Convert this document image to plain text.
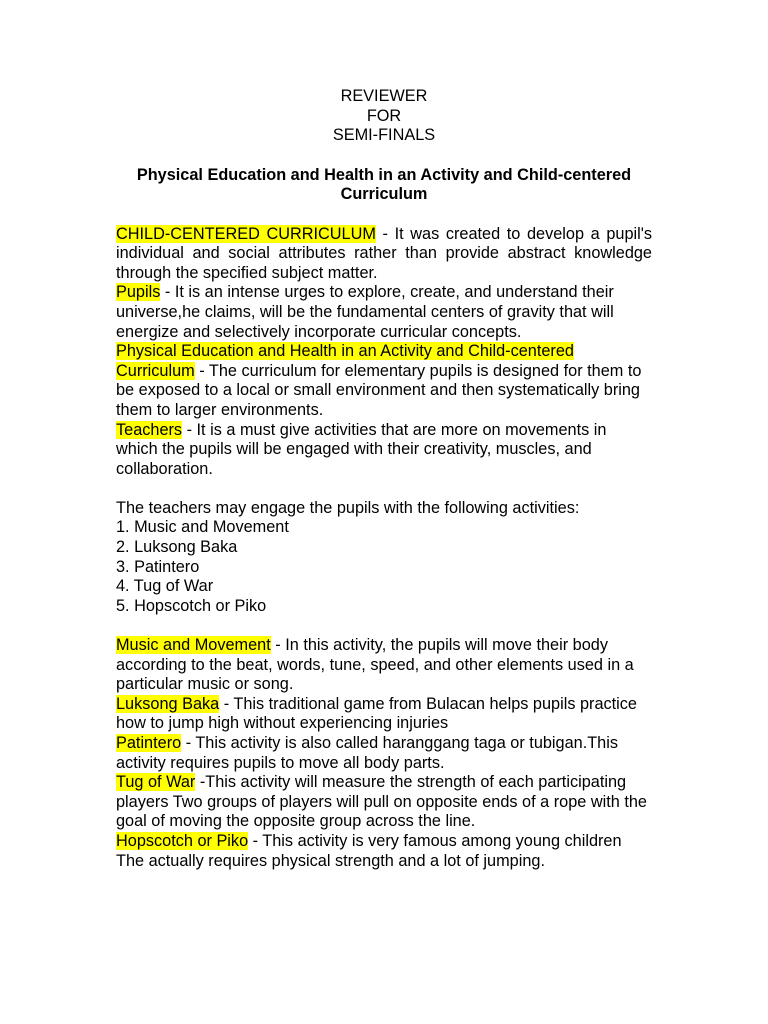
REVIEWER
FOR
SEMI-FINALS
Physical Education and Health in an Activity and Child-centered Curriculum

CHILD-CENTERED CURRICULUM - It was created to develop a pupil's individual and social attributes rather than provide abstract knowledge through the specified subject matter.

Pupils - It is an intense urges to explore, create, and understand their universe,he claims, will be the fundamental centers of gravity that will energize and selectively incorporate curricular concepts.

Physical Education and Health in an Activity and Child-centered Curriculum - The curriculum for elementary pupils is designed for them to be exposed to a local or small environment and then systematically bring them to larger environments.

Teachers - It is a must give activities that are more on movements in which the pupils will be engaged with their creativity, muscles, and collaboration.

The teachers may engage the pupils with the following activities:

1. Music and Movement
2. Luksong Baka
3. Patintero
4. Tug of War
5. Hopscotch or Piko

Music and Movement - In this activity, the pupils will move their body according to the beat, words, tune, speed, and other elements used in a particular music or song.

Luksong Baka - This traditional game from Bulacan helps pupils practice how to jump high without experiencing injuries

Patintero - This activity is also called haranggang taga or tubigan.This activity requires pupils to move all body parts.

Tug of War -This activity will measure the strength of each participating players Two groups of players will pull on opposite ends of a rope with the goal of moving the opposite group across the line.

Hopscotch or Piko - This activity is very famous among young children The actually requires physical strength and a lot of jumping.
